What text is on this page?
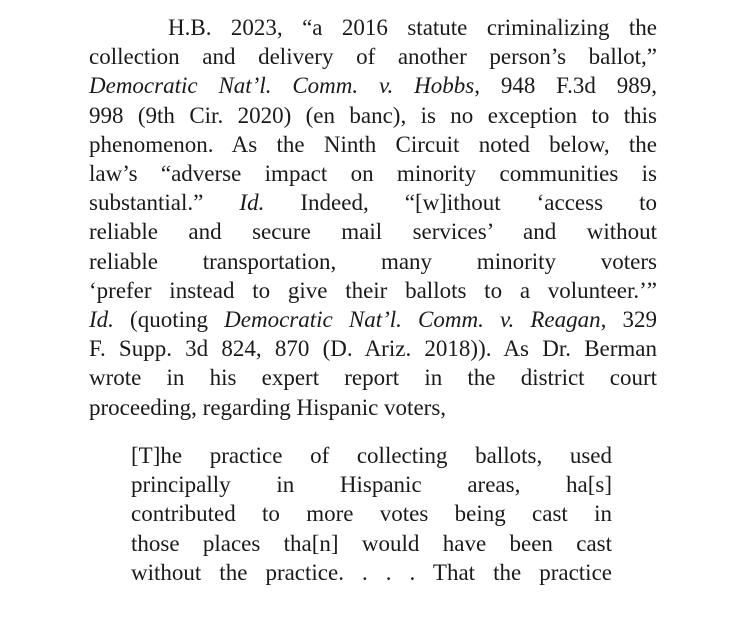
H.B. 2023, “a 2016 statute criminalizing the
collection and delivery of another person’s ballot,”
Democratic Nat’l. Comm. v. Hobbs, 948 F.3d 989,
998 (9th Cir. 2020) (en banc), is no exception to this
phenomenon. As the Ninth Circuit noted below, the
law’s “adverse impact on minority communities is
substantial.” Id. Indeed, “[w]ithout ‘access to
reliable and secure mail services’ and without
reliable transportation, many minority voters
‘prefer instead to give their ballots to a volunteer.’”
Id. (quoting Democratic Nat’l. Comm. v. Reagan, 329
F. Supp. 3d 824, 870 (D. Ariz. 2018)). As Dr. Berman
wrote in his expert report in the district court
proceeding, regarding Hispanic voters,
[T]he practice of collecting ballots, used
principally in Hispanic areas, ha[s]
contributed to more votes being cast in
those places tha[n] would have been cast
without the practice. . . . That the practice
